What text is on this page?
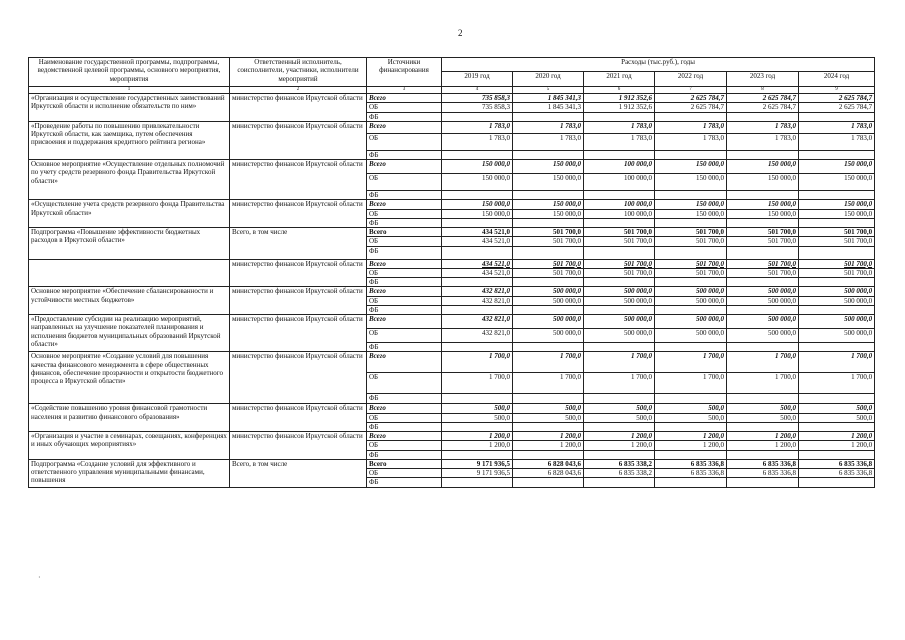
2
Наименование государственной программы, подпрограммы, ведомственной целевой программы, основного мероприятия, мероприятия	Ответственный исполнитель, соисполнители, участники, исполнители мероприятий	Источники финансирования	Расходы (тыс.руб.), годы					
			2019 год	2020 год	2021 год	2022 год	2023 год	2024 год
1	2	3	4	5	6	7	8	9
«Организация и осуществление государственных заимствований Иркутской области и исполнение обязательств по ним»	министерство финансов Иркутской области	Всего	735 858,3	1 845 341,3	1 912 352,6	2 625 784,7	2 625 784,7	2 625 784,7
		ОБ	735 858,3	1 845 341,3	1 912 352,6	2 625 784,7	2 625 784,7	2 625 784,7
		ФБ						
«Проведение работы по повышению привлекательности Иркутской области, как заемщика, путем обеспечения присвоения и поддержания кредитного рейтинга региона»	министерство финансов Иркутской области	Всего	1 783,0	1 783,0	1 783,0	1 783,0	1 783,0	1 783,0
		ОБ	1 783,0	1 783,0	1 783,0	1 783,0	1 783,0	1 783,0
		ФБ						
Основное мероприятие «Осуществление отдельных полномочий по учету средств резервного фонда Правительства Иркутской области»	министерство финансов Иркутской области	Всего	150 000,0	150 000,0	100 000,0	150 000,0	150 000,0	150 000,0
		ОБ	150 000,0	150 000,0	100 000,0	150 000,0	150 000,0	150 000,0
		ФБ						
«Осуществление учета средств резервного фонда Правительства Иркутской области»	министерство финансов Иркутской области	Всего	150 000,0	150 000,0	100 000,0	150 000,0	150 000,0	150 000,0
		ОБ	150 000,0	150 000,0	100 000,0	150 000,0	150 000,0	150 000,0
		ФБ						
Подпрограмма «Повышение эффективности бюджетных расходов в Иркутской области»	Всего, в том числе	Всего	434 521,0	501 700,0	501 700,0	501 700,0	501 700,0	501 700,0
		ОБ	434 521,0	501 700,0	501 700,0	501 700,0	501 700,0	501 700,0
		ФБ						
	министерство финансов Иркутской области	Всего	434 521,0	501 700,0	501 700,0	501 700,0	501 700,0	501 700,0
		ОБ	434 521,0	501 700,0	501 700,0	501 700,0	501 700,0	501 700,0
		ФБ						
Основное мероприятие «Обеспечение сбалансированности и устойчивости местных бюджетов»	министерство финансов Иркутской области	Всего	432 821,0	500 000,0	500 000,0	500 000,0	500 000,0	500 000,0
		ОБ	432 821,0	500 000,0	500 000,0	500 000,0	500 000,0	500 000,0
		ФБ						
«Предоставление субсидии на реализацию мероприятий, направленных на улучшение показателей планирования и исполнения бюджетов муниципальных образований Иркутской области»	министерство финансов Иркутской области	Всего	432 821,0	500 000,0	500 000,0	500 000,0	500 000,0	500 000,0
		ОБ	432 821,0	500 000,0	500 000,0	500 000,0	500 000,0	500 000,0
		ФБ						
Основное мероприятие «Создание условий для повышения качества финансового менеджмента в сфере общественных финансов, обеспечение прозрачности и открытости бюджетного процесса в Иркутской области»	министерство финансов Иркутской области	Всего	1 700,0	1 700,0	1 700,0	1 700,0	1 700,0	1 700,0
		ОБ	1 700,0	1 700,0	1 700,0	1 700,0	1 700,0	1 700,0
		ФБ						
«Содействие повышению уровня финансовой грамотности населения и развитию финансового образования»	министерство финансов Иркутской области	Всего	500,0	500,0	500,0	500,0	500,0	500,0
		ОБ	500,0	500,0	500,0	500,0	500,0	500,0
		ФБ						
«Организация и участие в семинарах, совещаниях, конференциях и иных обучающих мероприятиях»	министерство финансов Иркутской области	Всего	1 200,0	1 200,0	1 200,0	1 200,0	1 200,0	1 200,0
		ОБ	1 200,0	1 200,0	1 200,0	1 200,0	1 200,0	1 200,0
		ФБ						
Подпрограмма «Создание условий для эффективного и ответственного управления муниципальными финансами, повышения	Всего, в том числе	Всего	9 171 936,5	6 828 043,6	6 835 338,2	6 835 336,8	6 835 336,8	6 835 336,8
		ОБ	9 171 936,5	6 828 043,6	6 835 338,2	6 835 336,8	6 835 336,8	6 835 336,8
		ФБ						
·
